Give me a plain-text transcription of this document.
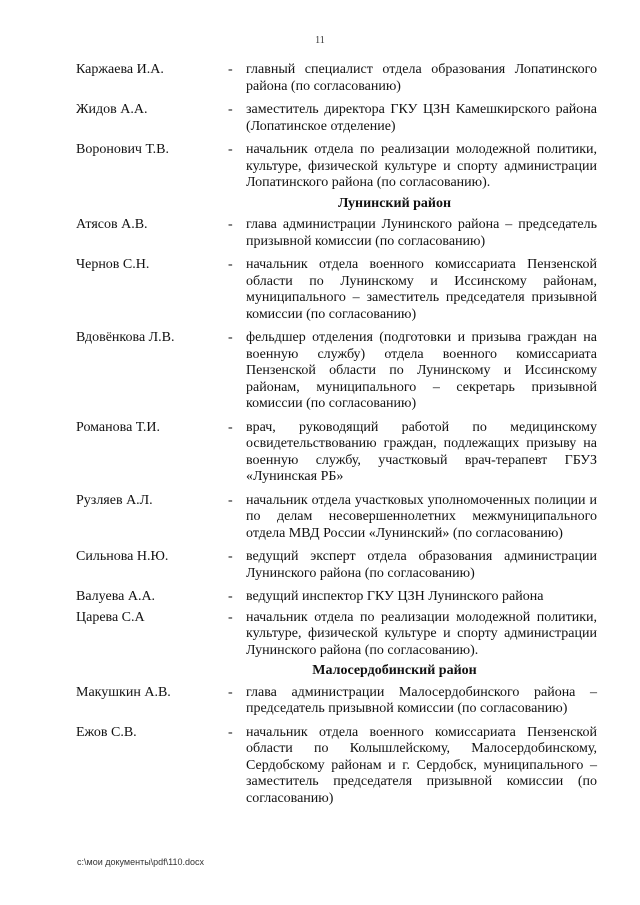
11
Каржаева И.А.	- главный специалист отдела образования Лопатинского района (по согласованию)
Жидов А.А.	- заместитель директора ГКУ ЦЗН Камешкирского района (Лопатинское отделение)
Воронович Т.В.	- начальник отдела по реализации молодежной политики, культуре, физической культуре и спорту администрации Лопатинского района (по согласованию).
Лунинский район
Атясов А.В.	- глава администрации Лунинского района – председатель призывной комиссии (по согласованию)
Чернов С.Н.	- начальник отдела военного комиссариата Пензенской области по Лунинскому и Иссинскому районам, муниципального – заместитель председателя призывной комиссии (по согласованию)
Вдовёнкова Л.В.	- фельдшер отделения (подготовки и призыва граждан на военную службу) отдела военного комиссариата Пензенской области по Лунинскому и Иссинскому районам, муниципального – секретарь призывной комиссии (по согласованию)
Романова Т.И.	- врач, руководящий работой по медицинскому освидетельствованию граждан, подлежащих призыву на военную службу, участковый врач-терапевт ГБУЗ «Лунинская РБ»
Рузляев А.Л.	- начальник отдела участковых уполномоченных полиции и по делам несовершеннолетних межмуниципального отдела МВД России «Лунинский» (по согласованию)
Сильнова Н.Ю.	- ведущий эксперт отдела образования администрации Лунинского района (по согласованию)
Валуева А.А.	- ведущий инспектор ГКУ ЦЗН Лунинского района
Царева С.А	- начальник отдела по реализации молодежной политики, культуре, физической культуре и спорту администрации Лунинского района (по согласованию).
Малосердобинский район
Макушкин А.В.	- глава администрации Малосердобинского района – председатель призывной комиссии (по согласованию)
Ежов С.В.	- начальник отдела военного комиссариата Пензенской области по Колышлейскому, Малосердобинскому, Сердобскому районам и г. Сердобск, муниципального – заместитель председателя призывной комиссии (по согласованию)
c:\мои документы\pdf\110.docx
